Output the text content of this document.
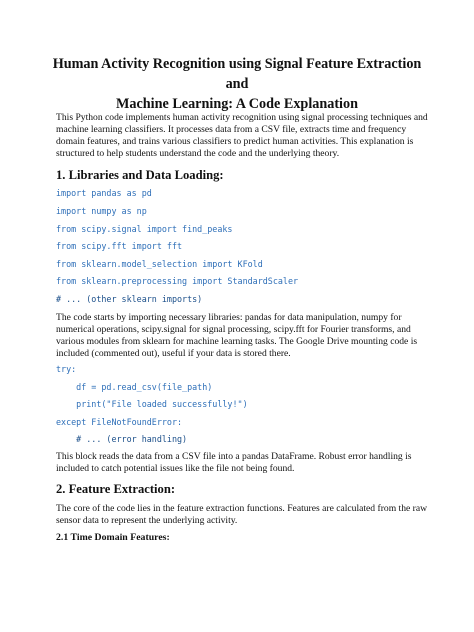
Human Activity Recognition using Signal Feature Extraction and
Machine Learning: A Code Explanation

This Python code implements human activity recognition using signal processing techniques and
machine learning classifiers. It processes data from a CSV file, extracts time and frequency
domain features, and trains various classifiers to predict human activities. This explanation is
structured to help students understand the code and the underlying theory.

1. Libraries and Data Loading:
import pandas as pd
import numpy as np
from scipy.signal import find_peaks
from scipy.fft import fft
from sklearn.model_selection import KFold
from sklearn.preprocessing import StandardScaler
# ... (other sklearn imports)

The code starts by importing necessary libraries: pandas for data manipulation, numpy for
numerical operations, scipy.signal for signal processing, scipy.fft for Fourier transforms, and
various modules from sklearn for machine learning tasks. The Google Drive mounting code is
included (commented out), useful if your data is stored there.

try:
df = pd.read_csv(file_path)
print("File loaded successfully!")
except FileNotFoundError:
# ... (error handling)

This block reads the data from a CSV file into a pandas DataFrame. Robust error handling is
included to catch potential issues like the file not being found.

2. Feature Extraction:

The core of the code lies in the feature extraction functions. Features are calculated from the raw
sensor data to represent the underlying activity.

2.1 Time Domain Features:
